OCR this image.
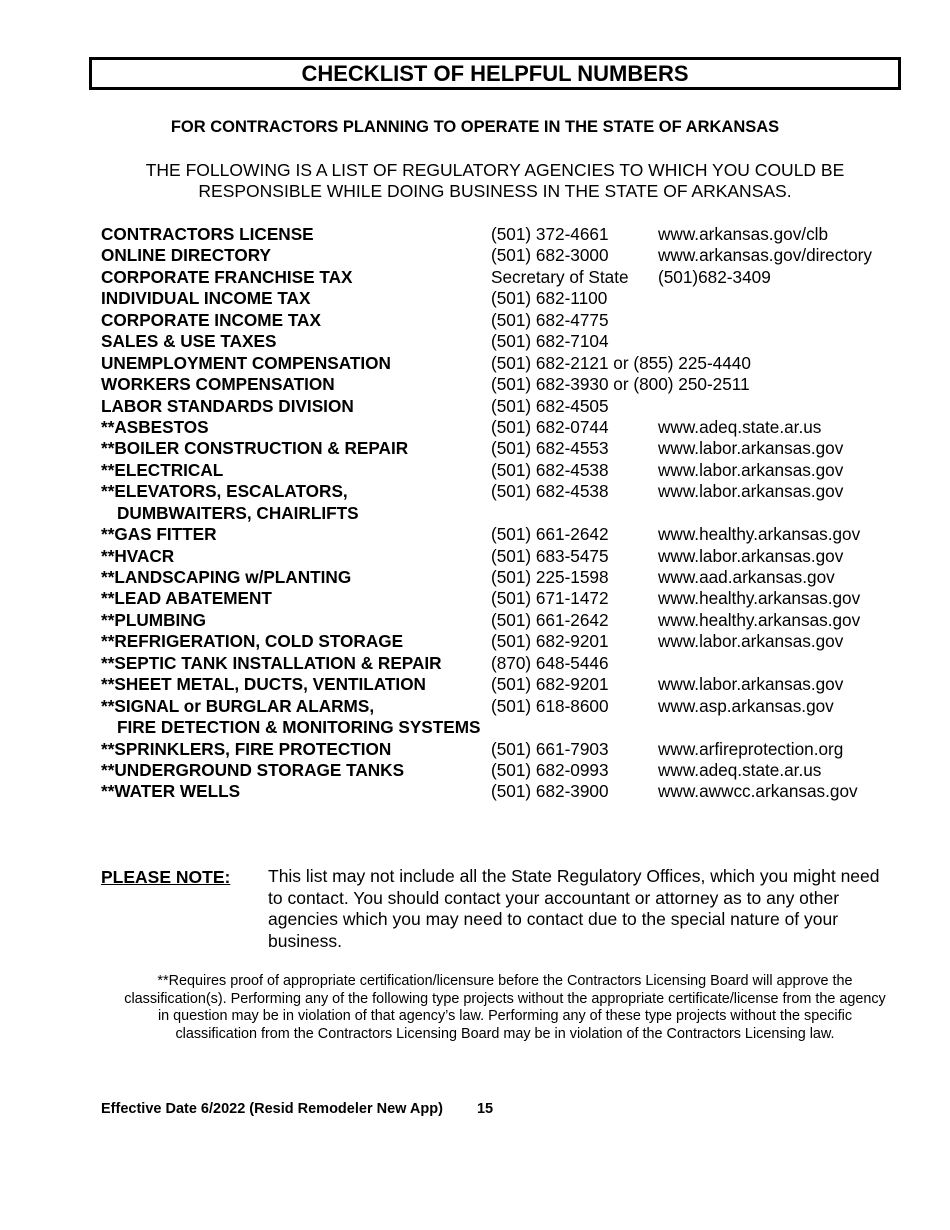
CHECKLIST OF HELPFUL NUMBERS
FOR CONTRACTORS PLANNING TO OPERATE IN THE STATE OF ARKANSAS
THE FOLLOWING IS A LIST OF REGULATORY AGENCIES TO WHICH YOU COULD BE RESPONSIBLE WHILE DOING BUSINESS IN THE STATE OF ARKANSAS.
CONTRACTORS LICENSE	(501) 372-4661	www.arkansas.gov/clb
ONLINE DIRECTORY	(501) 682-3000	www.arkansas.gov/directory
CORPORATE FRANCHISE TAX	Secretary of State (501)682-3409
INDIVIDUAL INCOME TAX	(501) 682-1100
CORPORATE INCOME TAX	(501) 682-4775
SALES & USE TAXES	(501) 682-7104
UNEMPLOYMENT COMPENSATION	(501) 682-2121 or (855) 225-4440
WORKERS COMPENSATION	(501) 682-3930 or (800) 250-2511
LABOR STANDARDS DIVISION	(501) 682-4505
**ASBESTOS	(501) 682-0744	www.adeq.state.ar.us
**BOILER CONSTRUCTION & REPAIR	(501) 682-4553	www.labor.arkansas.gov
**ELECTRICAL	(501) 682-4538	www.labor.arkansas.gov
**ELEVATORS, ESCALATORS,
DUMBWAITERS, CHAIRLIFTS
(501) 682-4538	www.labor.arkansas.gov
**GAS FITTER	(501) 661-2642	www.healthy.arkansas.gov
**HVACR	(501) 683-5475	www.labor.arkansas.gov
**LANDSCAPING w/PLANTING	(501) 225-1598	www.aad.arkansas.gov
**LEAD ABATEMENT	(501) 671-1472	www.healthy.arkansas.gov
**PLUMBING	(501) 661-2642	www.healthy.arkansas.gov
**REFRIGERATION, COLD STORAGE	(501) 682-9201	www.labor.arkansas.gov
**SEPTIC TANK INSTALLATION & REPAIR	(870) 648-5446
**SHEET METAL, DUCTS, VENTILATION	(501) 682-9201	www.labor.arkansas.gov
**SIGNAL or BURGLAR ALARMS,
FIRE DETECTION & MONITORING SYSTEMS
(501) 618-8600	www.asp.arkansas.gov
**SPRINKLERS, FIRE PROTECTION	(501) 661-7903	www.arfireprotection.org
**UNDERGROUND STORAGE TANKS	(501) 682-0993	www.adeq.state.ar.us
**WATER WELLS	(501) 682-3900	www.awwcc.arkansas.gov
PLEASE NOTE: This list may not include all the State Regulatory Offices, which you might need to contact. You should contact your accountant or attorney as to any other agencies which you may need to contact due to the special nature of your business.
**Requires proof of appropriate certification/licensure before the Contractors Licensing Board will approve the classification(s). Performing any of the following type projects without the appropriate certificate/license from the agency in question may be in violation of that agency’s law. Performing any of these type projects without the specific classification from the Contractors Licensing Board may be in violation of the Contractors Licensing law.
Effective Date 6/2022 (Resid Remodeler New App) 15
